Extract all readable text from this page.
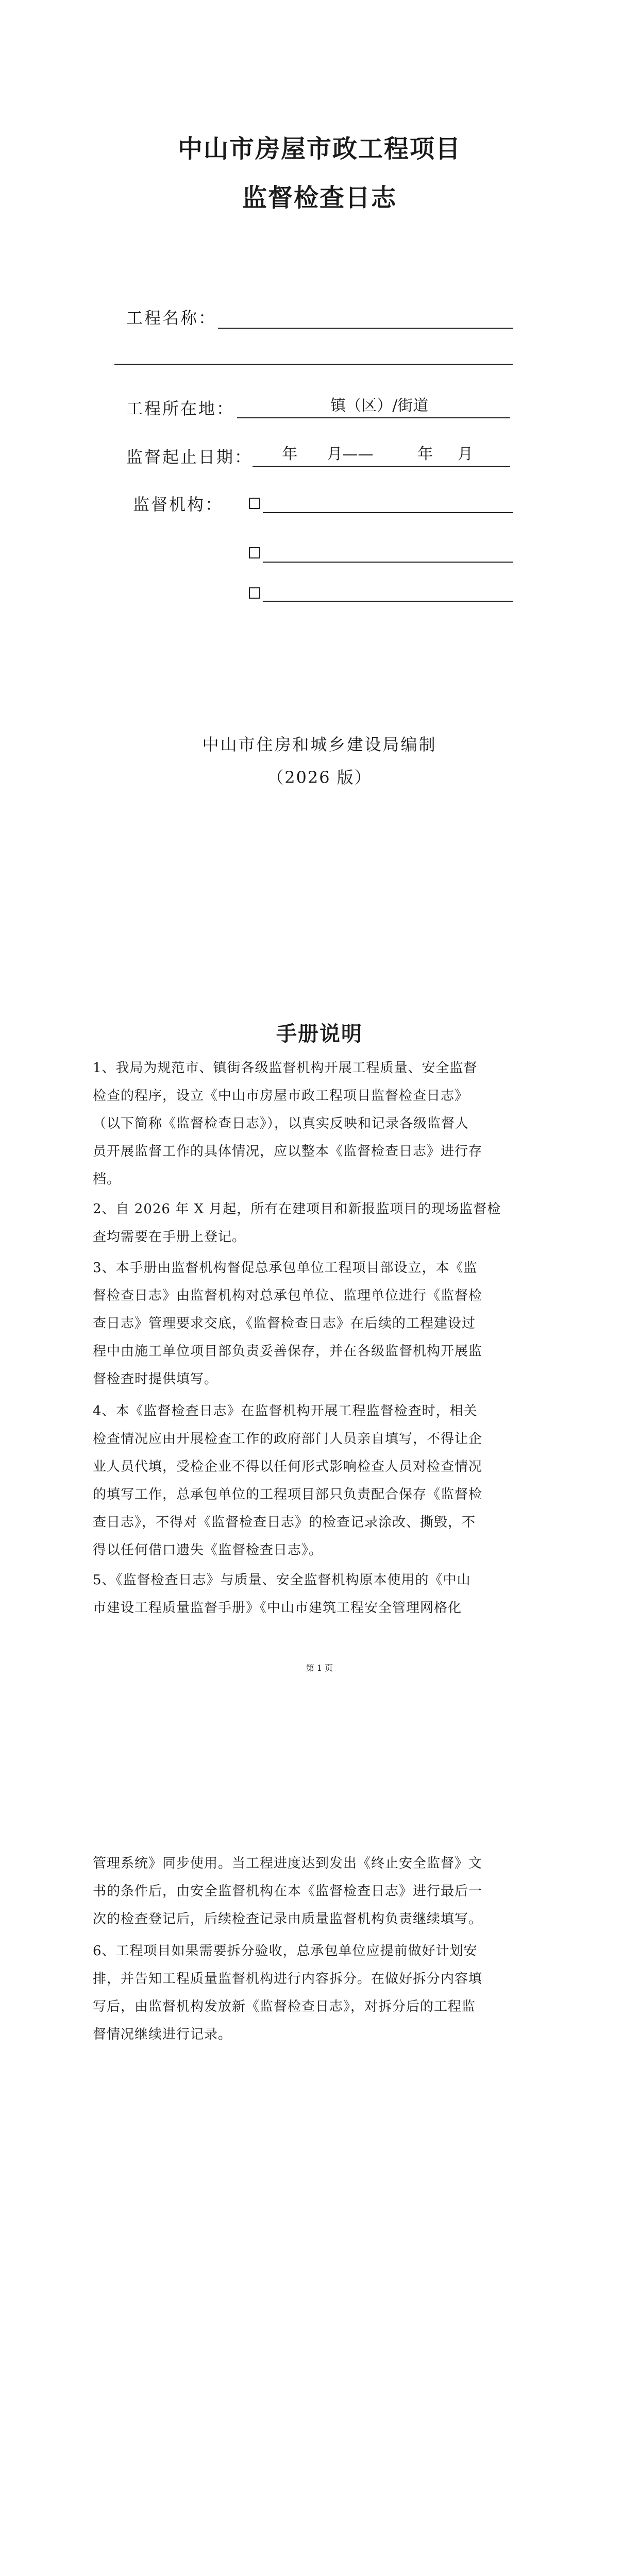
中山市房屋市政工程项目
监督检查日志
工程名称：
工程所在地： 镇（区）/街道
监督起止日期： 年      月——         年     月
监督机构：
中山市住房和城乡建设局编制
（2026 版）
手册说明
1、我局为规范市、镇街各级监督机构开展工程质量、安全监督
检查的程序，设立《中山市房屋市政工程项目监督检查日志》
（以下简称《监督检查日志》），以真实反映和记录各级监督人
员开展监督工作的具体情况，应以整本《监督检查日志》进行存
档。
2、自 2026 年 X 月起，所有在建项目和新报监项目的现场监督检
查均需要在手册上登记。
3、本手册由监督机构督促总承包单位工程项目部设立，本《监
督检查日志》由监督机构对总承包单位、监理单位进行《监督检
查日志》管理要求交底，《监督检查日志》在后续的工程建设过
程中由施工单位项目部负责妥善保存，并在各级监督机构开展监
督检查时提供填写。
4、本《监督检查日志》在监督机构开展工程监督检查时，相关
检查情况应由开展检查工作的政府部门人员亲自填写，不得让企
业人员代填，受检企业不得以任何形式影响检查人员对检查情况
的填写工作，总承包单位的工程项目部只负责配合保存《监督检
查日志》，不得对《监督检查日志》的检查记录涂改、撕毁，不
得以任何借口遗失《监督检查日志》。
5、《监督检查日志》与质量、安全监督机构原本使用的《中山
市建设工程质量监督手册》《中山市建筑工程安全管理网格化
第 1 页
管理系统》同步使用。当工程进度达到发出《终止安全监督》文
书的条件后，由安全监督机构在本《监督检查日志》进行最后一
次的检查登记后，后续检查记录由质量监督机构负责继续填写。
6、工程项目如果需要拆分验收，总承包单位应提前做好计划安
排，并告知工程质量监督机构进行内容拆分。在做好拆分内容填
写后，由监督机构发放新《监督检查日志》，对拆分后的工程监
督情况继续进行记录。
